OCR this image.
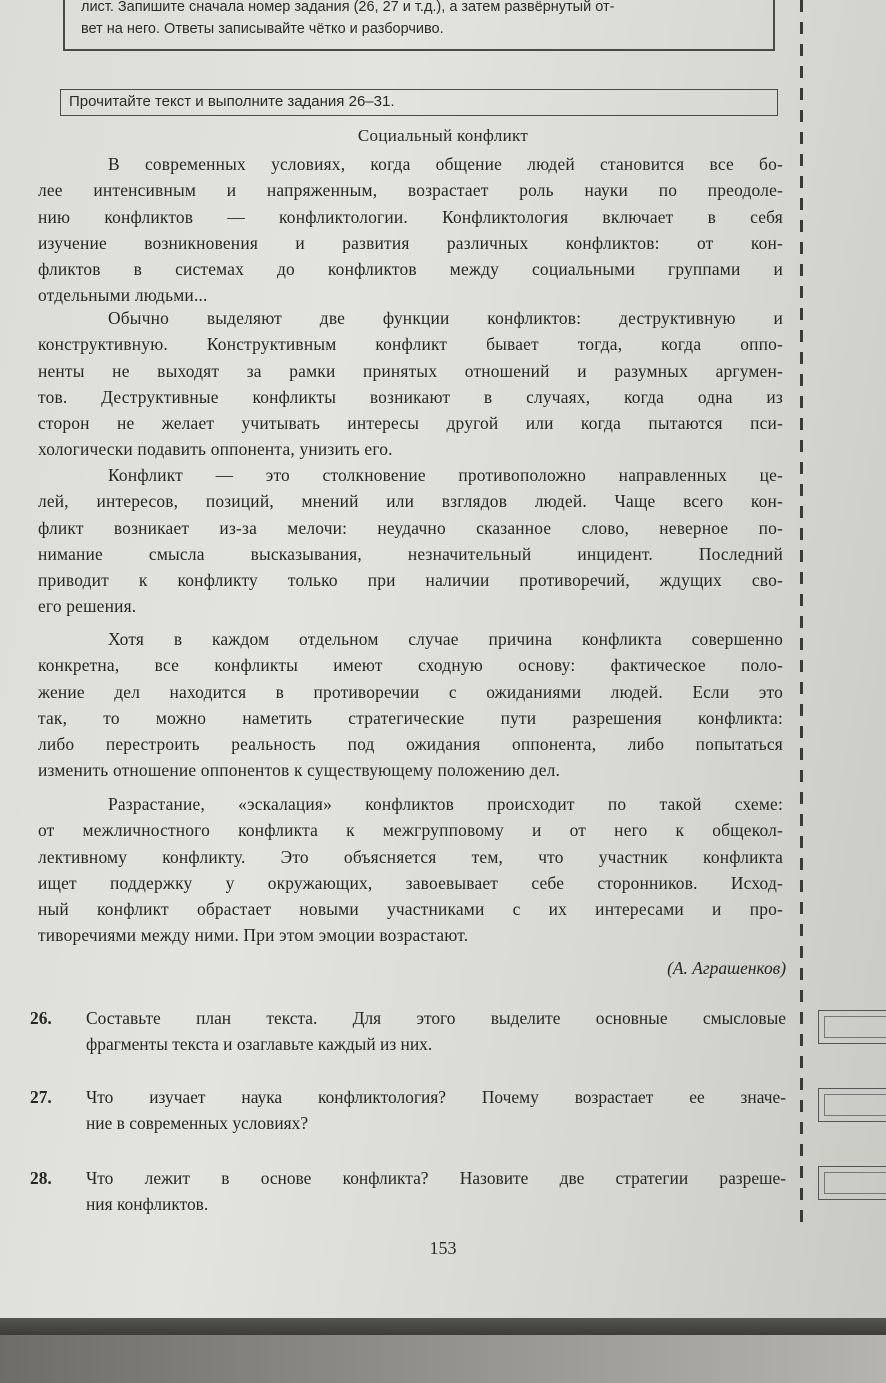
лист. Запишите сначала номер задания (26, 27 и т.д.), а затем развёрнутый от-

вет на него. Ответы записывайте чётко и разборчиво.

Прочитайте текст и выполните задания 26–31.
Социальный конфликт
В современных условиях, когда общение людей становится все бо-
лее интенсивным и напряженным, возрастает роль науки по преодоле-
нию конфликтов — конфликтологии. Конфликтология включает в себя
изучение возникновения и развития различных конфликтов: от кон-
фликтов в системах до конфликтов между социальными группами и
отдельными людьми...
Обычно выделяют две функции конфликтов: деструктивную и
конструктивную. Конструктивным конфликт бывает тогда, когда оппо-
ненты не выходят за рамки принятых отношений и разумных аргумен-
тов. Деструктивные конфликты возникают в случаях, когда одна из
сторон не желает учитывать интересы другой или когда пытаются пси-
хологически подавить оппонента, унизить его.
Конфликт — это столкновение противоположно направленных це-
лей, интересов, позиций, мнений или взглядов людей. Чаще всего кон-
фликт возникает из-за мелочи: неудачно сказанное слово, неверное по-
нимание смысла высказывания, незначительный инцидент. Последний
приводит к конфликту только при наличии противоречий, ждущих сво-
его решения.
Хотя в каждом отдельном случае причина конфликта совершенно
конкретна, все конфликты имеют сходную основу: фактическое поло-
жение дел находится в противоречии с ожиданиями людей. Если это
так, то можно наметить стратегические пути разрешения конфликта:
либо перестроить реальность под ожидания оппонента, либо попытаться
изменить отношение оппонентов к существующему положению дел.
Разрастание, «эскалация» конфликтов происходит по такой схеме:
от межличностного конфликта к межгрупповому и от него к общекол-
лективному конфликту. Это объясняется тем, что участник конфликта
ищет поддержку у окружающих, завоевывает себе сторонников. Исход-
ный конфликт обрастает новыми участниками с их интересами и про-
тиворечиями между ними. При этом эмоции возрастают.
(А. Аграшенков)
26. Составьте план текста. Для этого выделите основные смысловые
фрагменты текста и озаглавьте каждый из них.
27. Что изучает наука конфликтология? Почему возрастает ее значе-
ние в современных условиях?
28. Что лежит в основе конфликта? Назовите две стратегии разреше-
ния конфликтов.
153
